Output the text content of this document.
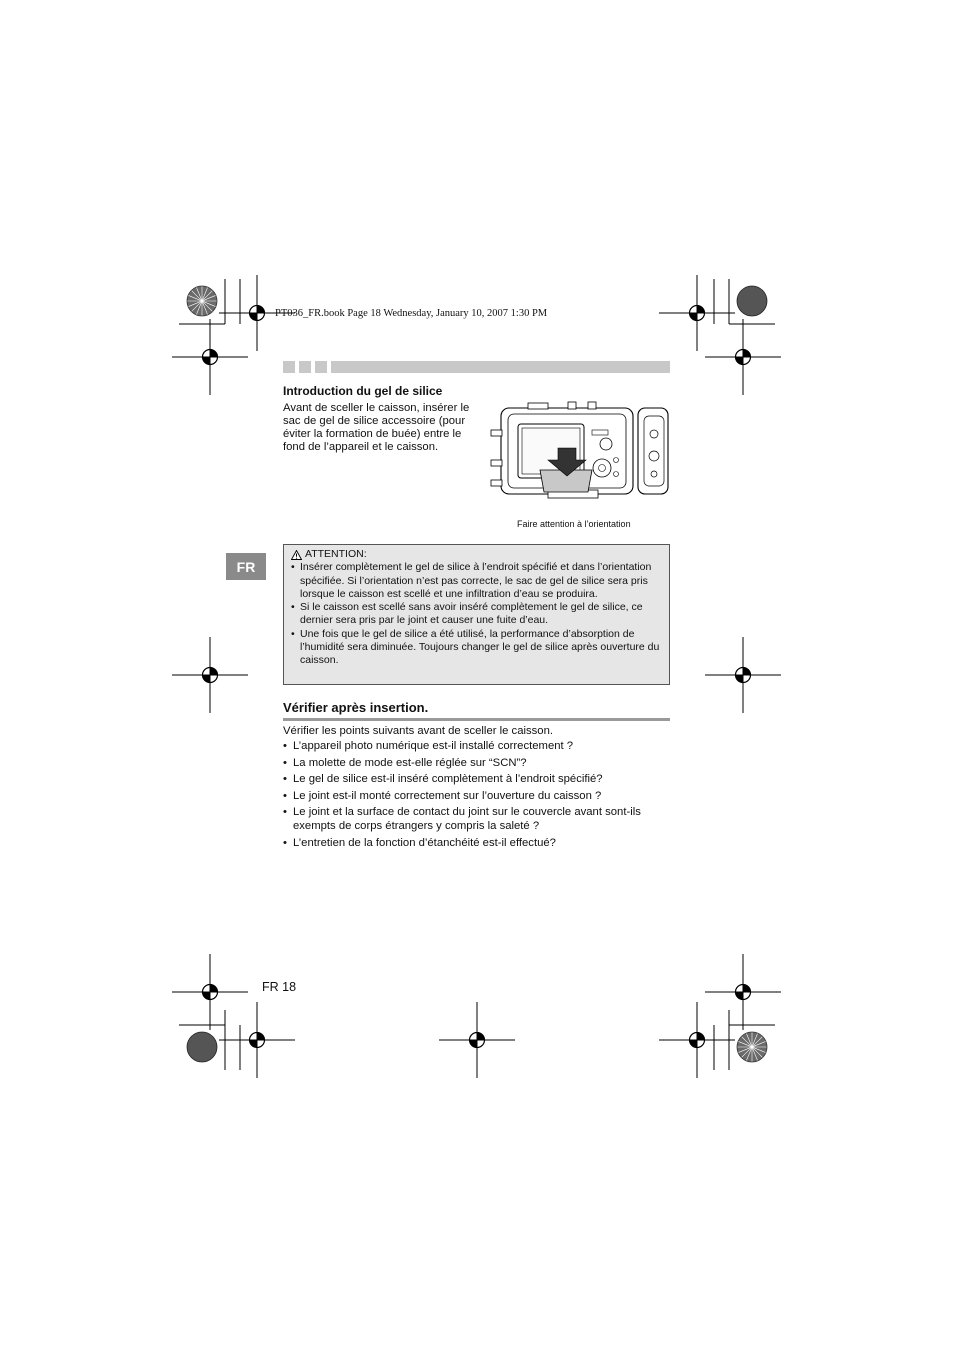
PT036_FR.book Page 18 Wednesday, January 10, 2007 1:30 PM
Introduction du gel de silice
Avant de sceller le caisson, insérer le sac de gel de silice accessoire (pour éviter la formation de buée) entre le fond de l’appareil et le caisson.
Faire attention à l’orientation
FR
ATTENTION:
• Insérer complètement le gel de silice à l’endroit spécifié et dans l’orientation spécifiée. Si l’orientation n’est pas correcte, le sac de gel de silice sera pris lorsque le caisson est scellé et une infiltration d’eau se produira.
• Si le caisson est scellé sans avoir inséré complètement le gel de silice, ce dernier sera pris par le joint et causer une fuite d’eau.
• Une fois que le gel de silice a été utilisé, la performance d’absorption de l’humidité sera diminuée. Toujours changer le gel de silice après ouverture du caisson.
Vérifier après insertion.
Vérifier les points suivants avant de sceller le caisson.
• L’appareil photo numérique est-il installé correctement ?
• La molette de mode est-elle réglée sur “SCN”?
• Le gel de silice est-il inséré complètement à l’endroit spécifié?
• Le joint est-il monté correctement sur l’ouverture du caisson ?
• Le joint et la surface de contact du joint sur le couvercle avant sont-ils exempts de corps étrangers y compris la saleté ?
• L’entretien de la fonction d’étanchéité est-il effectué?
FR 18
